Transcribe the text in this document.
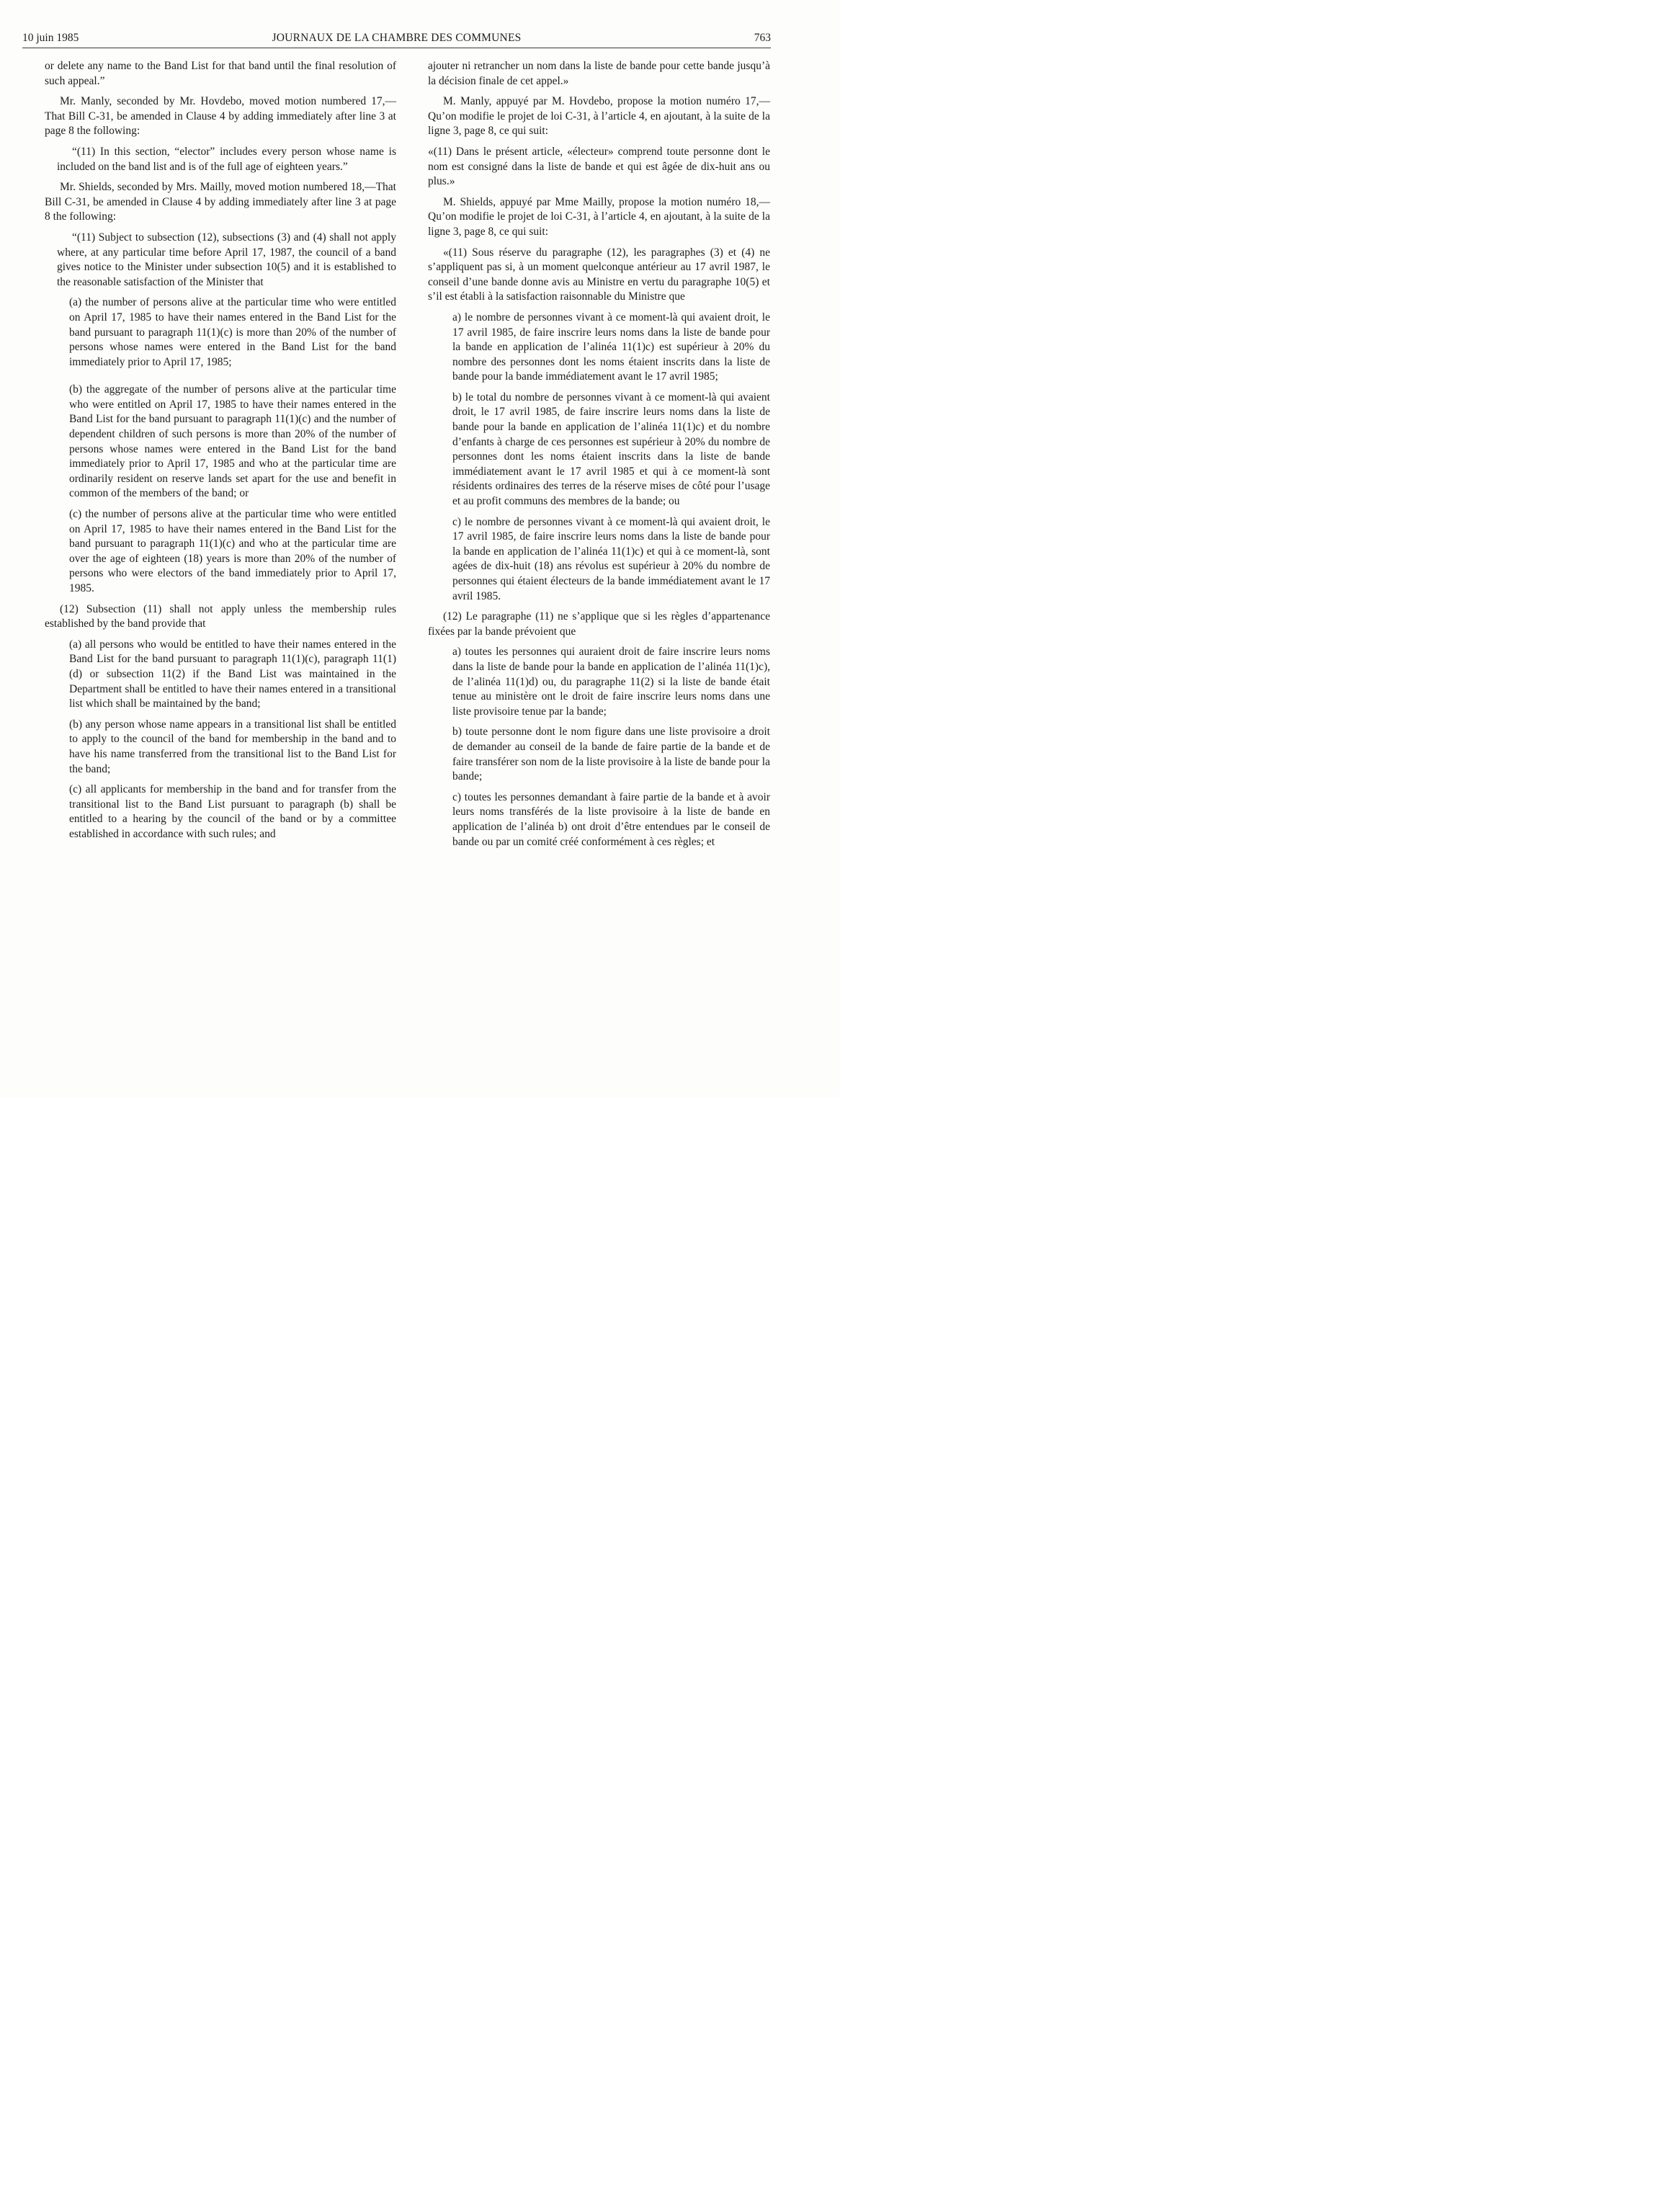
10 juin 1985	JOURNAUX DE LA CHAMBRE DES COMMUNES	763

or delete any name to the Band List for that band until the final resolution of such appeal.”

Mr. Manly, seconded by Mr. Hovdebo, moved motion numbered 17,—That Bill C-31, be amended in Clause 4 by adding immediately after line 3 at page 8 the following:

“(11) In this section, “elector” includes every person whose name is included on the band list and is of the full age of eighteen years.”

Mr. Shields, seconded by Mrs. Mailly, moved motion numbered 18,—That Bill C-31, be amended in Clause 4 by adding immediately after line 3 at page 8 the following:

“(11) Subject to subsection (12), subsections (3) and (4) shall not apply where, at any particular time before April 17, 1987, the council of a band gives notice to the Minister under subsection 10(5) and it is established to the reasonable satisfaction of the Minister that

(a) the number of persons alive at the particular time who were entitled on April 17, 1985 to have their names entered in the Band List for the band pursuant to paragraph 11(1)(c) is more than 20% of the number of persons whose names were entered in the Band List for the band immediately prior to April 17, 1985;

(b) the aggregate of the number of persons alive at the particular time who were entitled on April 17, 1985 to have their names entered in the Band List for the band pursuant to paragraph 11(1)(c) and the number of dependent children of such persons is more than 20% of the number of persons whose names were entered in the Band List for the band immediately prior to April 17, 1985 and who at the particular time are ordinarily resident on reserve lands set apart for the use and benefit in common of the members of the band; or

(c) the number of persons alive at the particular time who were entitled on April 17, 1985 to have their names entered in the Band List for the band pursuant to paragraph 11(1)(c) and who at the particular time are over the age of eighteen (18) years is more than 20% of the number of persons who were electors of the band immediately prior to April 17, 1985.

(12) Subsection (11) shall not apply unless the membership rules established by the band provide that

(a) all persons who would be entitled to have their names entered in the Band List for the band pursuant to paragraph 11(1)(c), paragraph 11(1)(d) or subsection 11(2) if the Band List was maintained in the Department shall be entitled to have their names entered in a transitional list which shall be maintained by the band;

(b) any person whose name appears in a transitional list shall be entitled to apply to the council of the band for membership in the band and to have his name transferred from the transitional list to the Band List for the band;

(c) all applicants for membership in the band and for transfer from the transitional list to the Band List pursuant to paragraph (b) shall be entitled to a hearing by the council of the band or by a committee established in accordance with such rules; and

ajouter ni retrancher un nom dans la liste de bande pour cette bande jusqu’à la décision finale de cet appel.»

M. Manly, appuyé par M. Hovdebo, propose la motion numéro 17,—Qu’on modifie le projet de loi C-31, à l’article 4, en ajoutant, à la suite de la ligne 3, page 8, ce qui suit:

«(11) Dans le présent article, «électeur» comprend toute personne dont le nom est consigné dans la liste de bande et qui est âgée de dix-huit ans ou plus.»

M. Shields, appuyé par Mme Mailly, propose la motion numéro 18,—Qu’on modifie le projet de loi C-31, à l’article 4, en ajoutant, à la suite de la ligne 3, page 8, ce qui suit:

«(11) Sous réserve du paragraphe (12), les paragraphes (3) et (4) ne s’appliquent pas si, à un moment quelconque antérieur au 17 avril 1987, le conseil d’une bande donne avis au Ministre en vertu du paragraphe 10(5) et s’il est établi à la satisfaction raisonnable du Ministre que

a) le nombre de personnes vivant à ce moment-là qui avaient droit, le 17 avril 1985, de faire inscrire leurs noms dans la liste de bande pour la bande en application de l’alinéa 11(1)c) est supérieur à 20% du nombre des personnes dont les noms étaient inscrits dans la liste de bande pour la bande immédiatement avant le 17 avril 1985;

b) le total du nombre de personnes vivant à ce moment-là qui avaient droit, le 17 avril 1985, de faire inscrire leurs noms dans la liste de bande pour la bande en application de l’alinéa 11(1)c) et du nombre d’enfants à charge de ces personnes est supérieur à 20% du nombre de personnes dont les noms étaient inscrits dans la liste de bande immédiatement avant le 17 avril 1985 et qui à ce moment-là sont résidents ordinaires des terres de la réserve mises de côté pour l’usage et au profit communs des membres de la bande; ou

c) le nombre de personnes vivant à ce moment-là qui avaient droit, le 17 avril 1985, de faire inscrire leurs noms dans la liste de bande pour la bande en application de l’alinéa 11(1)c) et qui à ce moment-là, sont agées de dix-huit (18) ans révolus est supérieur à 20% du nombre de personnes qui étaient électeurs de la bande immédiatement avant le 17 avril 1985.

(12) Le paragraphe (11) ne s’applique que si les règles d’appartenance fixées par la bande prévoient que

a) toutes les personnes qui auraient droit de faire inscrire leurs noms dans la liste de bande pour la bande en application de l’alinéa 11(1)c), de l’alinéa 11(1)d) ou, du paragraphe 11(2) si la liste de bande était tenue au ministère ont le droit de faire inscrire leurs noms dans une liste provisoire tenue par la bande;

b) toute personne dont le nom figure dans une liste provisoire a droit de demander au conseil de la bande de faire partie de la bande et de faire transférer son nom de la liste provisoire à la liste de bande pour la bande;

c) toutes les personnes demandant à faire partie de la bande et à avoir leurs noms transférés de la liste provisoire à la liste de bande en application de l’alinéa b) ont droit d’être entendues par le conseil de bande ou par un comité créé conformément à ces règles; et
